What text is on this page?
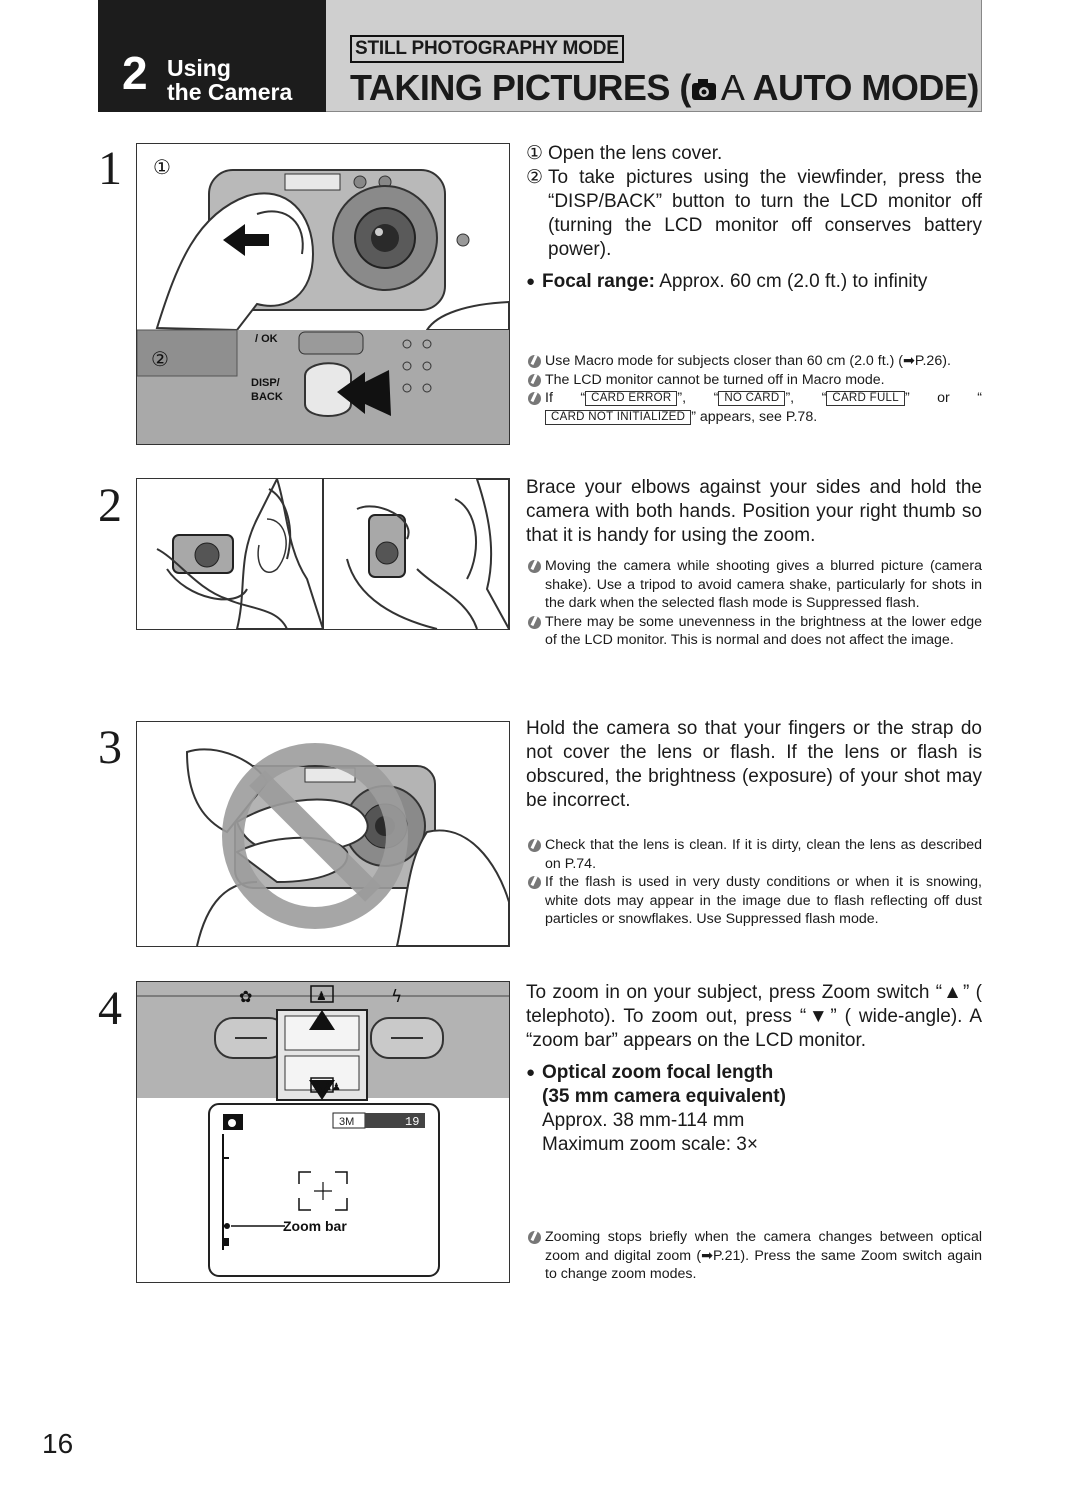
2 Using
the Camera
STILL PHOTOGRAPHY MODE
TAKING PICTURES ( A AUTO MODE)
1 ①
②
/ OK
DISP/
BACK
① Open the lens cover.
② To take pictures using the viewfinder, press the “DISP/BACK” button to turn the LCD monitor off (turning the LCD monitor off conserves battery power).
● Focal range: Approx. 60 cm (2.0 ft.) to infinity
Use Macro mode for subjects closer than 60 cm (2.0 ft.) (➡P.26).
The LCD monitor cannot be turned off in Macro mode.
If “ CARD ERROR ”, “ NO CARD ”, “ CARD FULL ” or “CARD NOT INITIALIZED ” appears, see P.78.
2	Brace your elbows against your sides and hold the camera with both hands. Position your right thumb so that it is handy for using the zoom.
Moving the camera while shooting gives a blurred picture (camera shake). Use a tripod to avoid camera shake, particularly for shots in the dark when the selected flash mode is Suppressed flash.
There may be some unevenness in the brightness at the lower edge of the LCD monitor. This is normal and does not affect the image.
3	Hold the camera so that your fingers or the strap do not cover the lens or flash. If the lens or flash is obscured, the brightness (exposure) of your shot may be incorrect.
Check that the lens is clean. If it is dirty, clean the lens as described on P.74.
If the flash is used in very dusty conditions or when it is snowing, white dots may appear in the image due to flash reflecting off dust particles or snowflakes. Use Suppressed flash mode.
4	✿	♟	ϟ
♟♟♟
3M	19
Zoom bar
To zoom in on your subject, press Zoom switch “▲” ( telephoto). To zoom out, press “▼” ( wide-angle). A “zoom bar” appears on the LCD monitor.
● Optical zoom focal length
(35 mm camera equivalent)
Approx. 38 mm-114 mm
Maximum zoom scale: 3×
Zooming stops briefly when the camera changes between optical zoom and digital zoom (➡P.21). Press the same Zoom switch again to change zoom modes.
16
